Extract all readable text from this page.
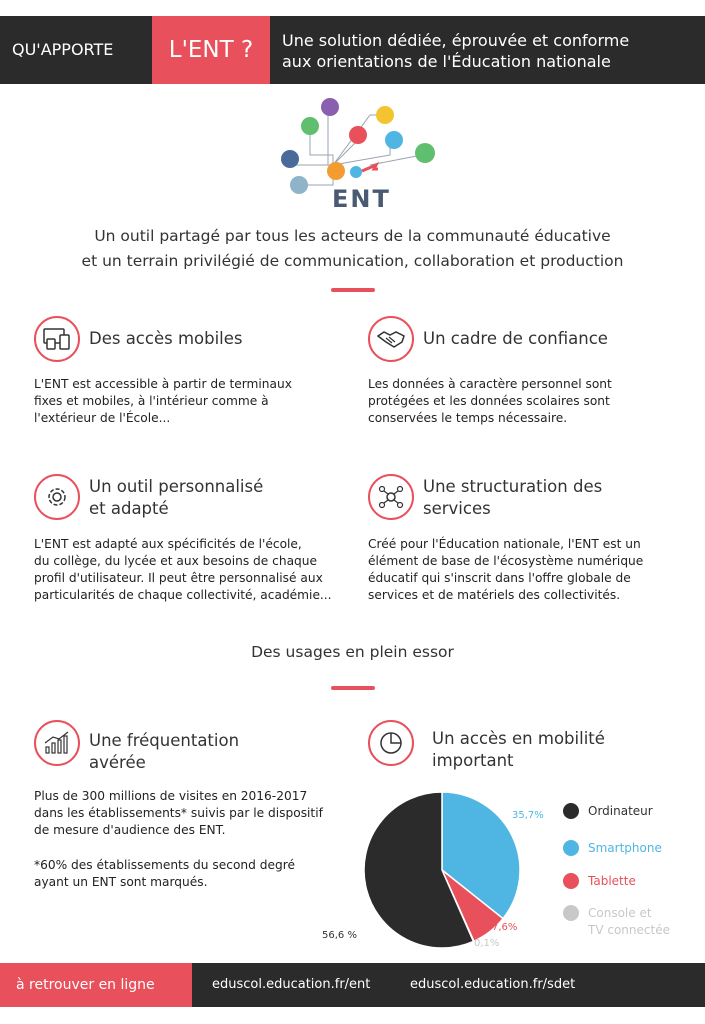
QU'APPORTE	L'ENT ?	Une solution dédiée, éprouvée et conforme
aux orientations de l'Éducation nationale
ENT
Un outil partagé par tous les acteurs de la communauté éducative
et un terrain privilégié de communication, collaboration et production
Des accès mobiles
L'ENT est accessible à partir de terminaux
fixes et mobiles, à l'intérieur comme à
l'extérieur de l'École...
Un cadre de confiance
Les données à caractère personnel sont
protégées et les données scolaires sont
conservées le temps nécessaire.
Un outil personnalisé
et adapté
L'ENT est adapté aux spécificités de l'école,
du collège, du lycée et aux besoins de chaque
profil d'utilisateur. Il peut être personnalisé aux
particularités de chaque collectivité, académie...
Une structuration des
services
Créé pour l'Éducation nationale, l'ENT est un
élément de base de l'écosystème numérique
éducatif qui s'inscrit dans l'offre globale de
services et de matériels des collectivités.
Des usages en plein essor
Une fréquentation
avérée
Plus de 300 millions de visites en 2016-2017
dans les établissements* suivis par le dispositif
de mesure d'audience des ENT.
*60% des établissements du second degré
ayant un ENT sont marqués.
Un accès en mobilité
important
35,7%
7,6%
0,1%
56,6 %
Ordinateur
Smartphone
Tablette
Console et
TV connectée
à retrouver en ligne	eduscol.education.fr/ent	eduscol.education.fr/sdet
